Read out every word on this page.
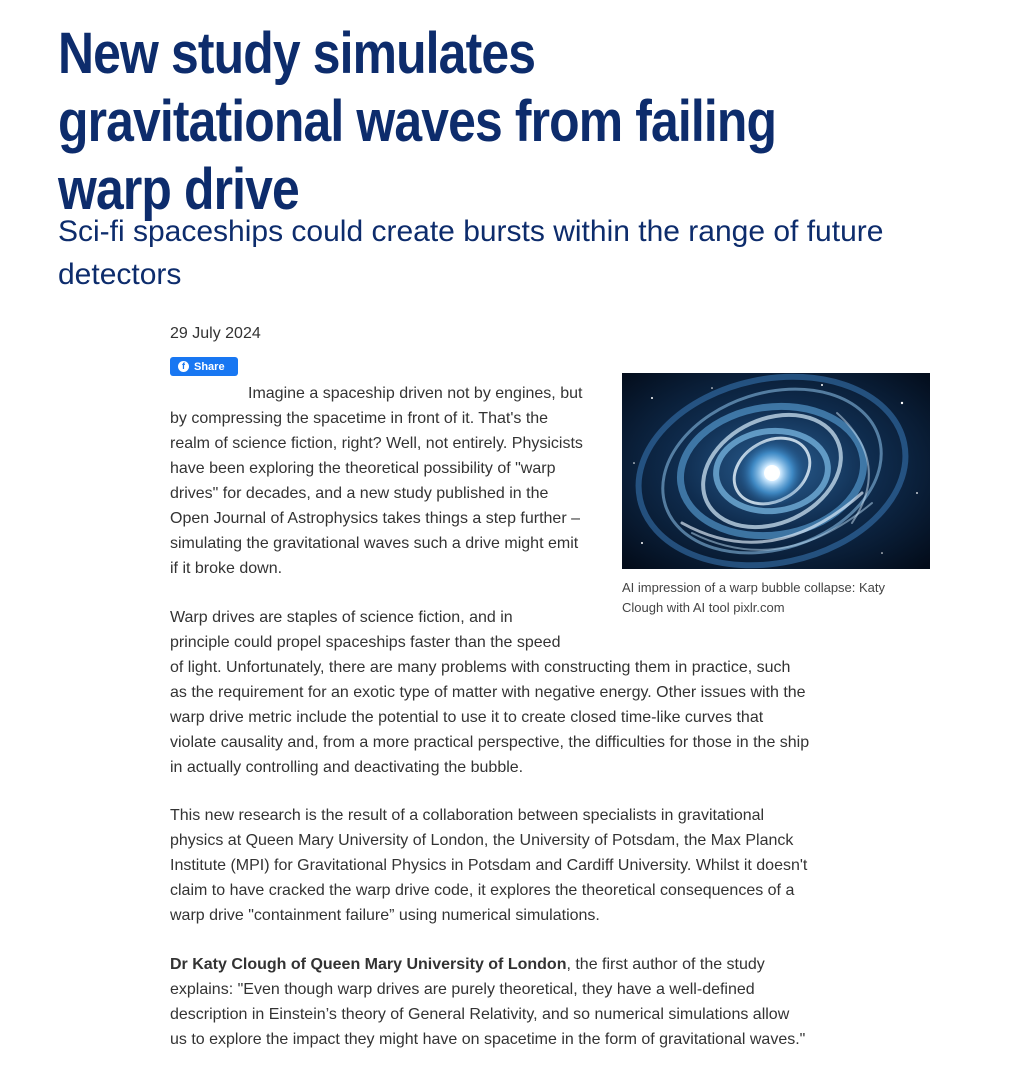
New study simulates gravitational waves from failing warp drive
Sci-fi spaceships could create bursts within the range of future detectors
29 July 2024
f Share
AI impression of a warp bubble collapse: Katy Clough with AI tool pixlr.com

Imagine a spaceship driven not by engines, but by compressing the spacetime in front of it. That's the realm of science fiction, right? Well, not entirely. Physicists have been exploring the theoretical possibility of "warp drives" for decades, and a new study published in the Open Journal of Astrophysics takes things a step further – simulating the gravitational waves such a drive might emit if it broke down.

Warp drives are staples of science fiction, and in
principle could propel spaceships faster than the speed
of light. Unfortunately, there are many problems with constructing them in practice, such as the requirement for an exotic type of matter with negative energy. Other issues with the warp drive metric include the potential to use it to create closed time-like curves that violate causality and, from a more practical perspective, the difficulties for those in the ship in actually controlling and deactivating the bubble.

This new research is the result of a collaboration between specialists in gravitational physics at Queen Mary University of London, the University of Potsdam, the Max Planck Institute (MPI) for Gravitational Physics in Potsdam and Cardiff University. Whilst it doesn't claim to have cracked the warp drive code, it explores the theoretical consequences of a warp drive "containment failure” using numerical simulations.

Dr Katy Clough of Queen Mary University of London, the first author of the study explains: "Even though warp drives are purely theoretical, they have a well-defined description in Einstein’s theory of General Relativity, and so numerical simulations allow us to explore the impact they might have on spacetime in the form of gravitational waves."
